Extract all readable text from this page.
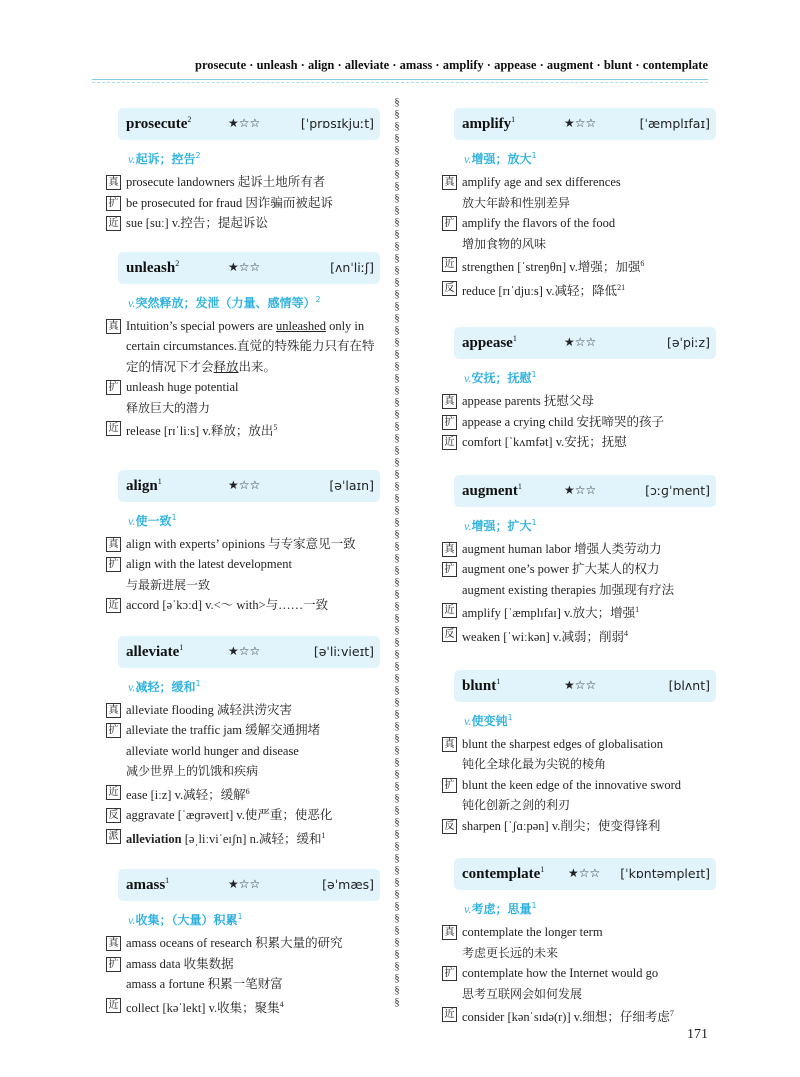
prosecute · unleash · align · alleviate · amass · amplify · appease · augment · blunt · contemplate
§§§§§§§§§§§§§§§§§§§§§§§§§§§§§§§§§§§§§§§§§§§§§§§§§§§§§§§§§§§§§§§§§§§§§§§§§§§§
prosecute$^2$	★☆☆	[ˈprɒsɪkjuːt]
v.起诉；控告$^2$
真 prosecute landowners 起诉土地所有者
扩 be prosecuted for fraud 因诈骗而被起诉
近 sue [suː] v.控告；提起诉讼
unleash$^2$	★☆☆	[ʌnˈliːʃ]
v.突然释放；发泄（力量、感情等）$^2$
真 Intuition’s special powers are unleashed only in certain circumstances.直觉的特殊能力只有在特定的情况下才会释放出来。
扩 unleash huge potential
释放巨大的潜力
近 release [rɪˈliːs] v.释放；放出$^5$
align$^1$	★☆☆	[əˈlaɪn]
v.使一致$^1$
真 align with experts’ opinions 与专家意见一致
扩 align with the latest development
与最新进展一致
近 accord [əˈkɔːd] v.<～ with>与……一致
alleviate$^1$	★☆☆	[əˈliːvieɪt]
v.减轻；缓和$^1$
真 alleviate flooding 减轻洪涝灾害
扩 alleviate the traffic jam 缓解交通拥堵
alleviate world hunger and disease
减少世界上的饥饿和疾病
近 ease [iːz] v.减轻；缓解$^6$
反 aggravate [ˈæɡrəveɪt] v.使严重；使恶化
派 alleviation [əˌliːviˈeɪʃn] n.减轻；缓和$^1$
amass$^1$	★☆☆	[əˈmæs]
v.收集；（大量）积累$^1$
真 amass oceans of research 积累大量的研究
扩 amass data 收集数据
amass a fortune 积累一笔财富
近 collect [kəˈlekt] v.收集；聚集$^4$
amplify$^1$	★☆☆	[ˈæmplɪfaɪ]
v.增强；放大$^1$
真 amplify age and sex differences
放大年龄和性别差异
扩 amplify the flavors of the food
增加食物的风味
近 strengthen [ˈstreŋθn] v.增强；加强$^6$
反 reduce [rɪˈdjuːs] v.减轻；降低$^{21}$
appease$^1$	★☆☆	[əˈpiːz]
v.安抚；抚慰$^1$
真 appease parents 抚慰父母
扩 appease a crying child 安抚啼哭的孩子
近 comfort [ˈkʌmfət] v.安抚；抚慰
augment$^1$	★☆☆	[ɔːɡˈment]
v.增强；扩大$^1$
真 augment human labor 增强人类劳动力
扩 augment one’s power 扩大某人的权力
augment existing therapies 加强现有疗法
近 amplify [ˈæmplɪfaɪ] v.放大；增强$^1$
反 weaken [ˈwiːkən] v.减弱；削弱$^4$
blunt$^1$	★☆☆	[blʌnt]
v.使变钝$^1$
真 blunt the sharpest edges of globalisation
钝化全球化最为尖锐的棱角
扩 blunt the keen edge of the innovative sword
钝化创新之剑的利刃
反 sharpen [ˈʃɑːpən] v.削尖；使变得锋利
contemplate$^1$ ★☆☆ [ˈkɒntəmpleɪt]
v.考虑；思量$^1$
真 contemplate the longer term
考虑更长远的未来
扩 contemplate how the Internet would go
思考互联网会如何发展
近 consider [kənˈsɪdə(r)] v.细想；仔细考虑$^7$
171
